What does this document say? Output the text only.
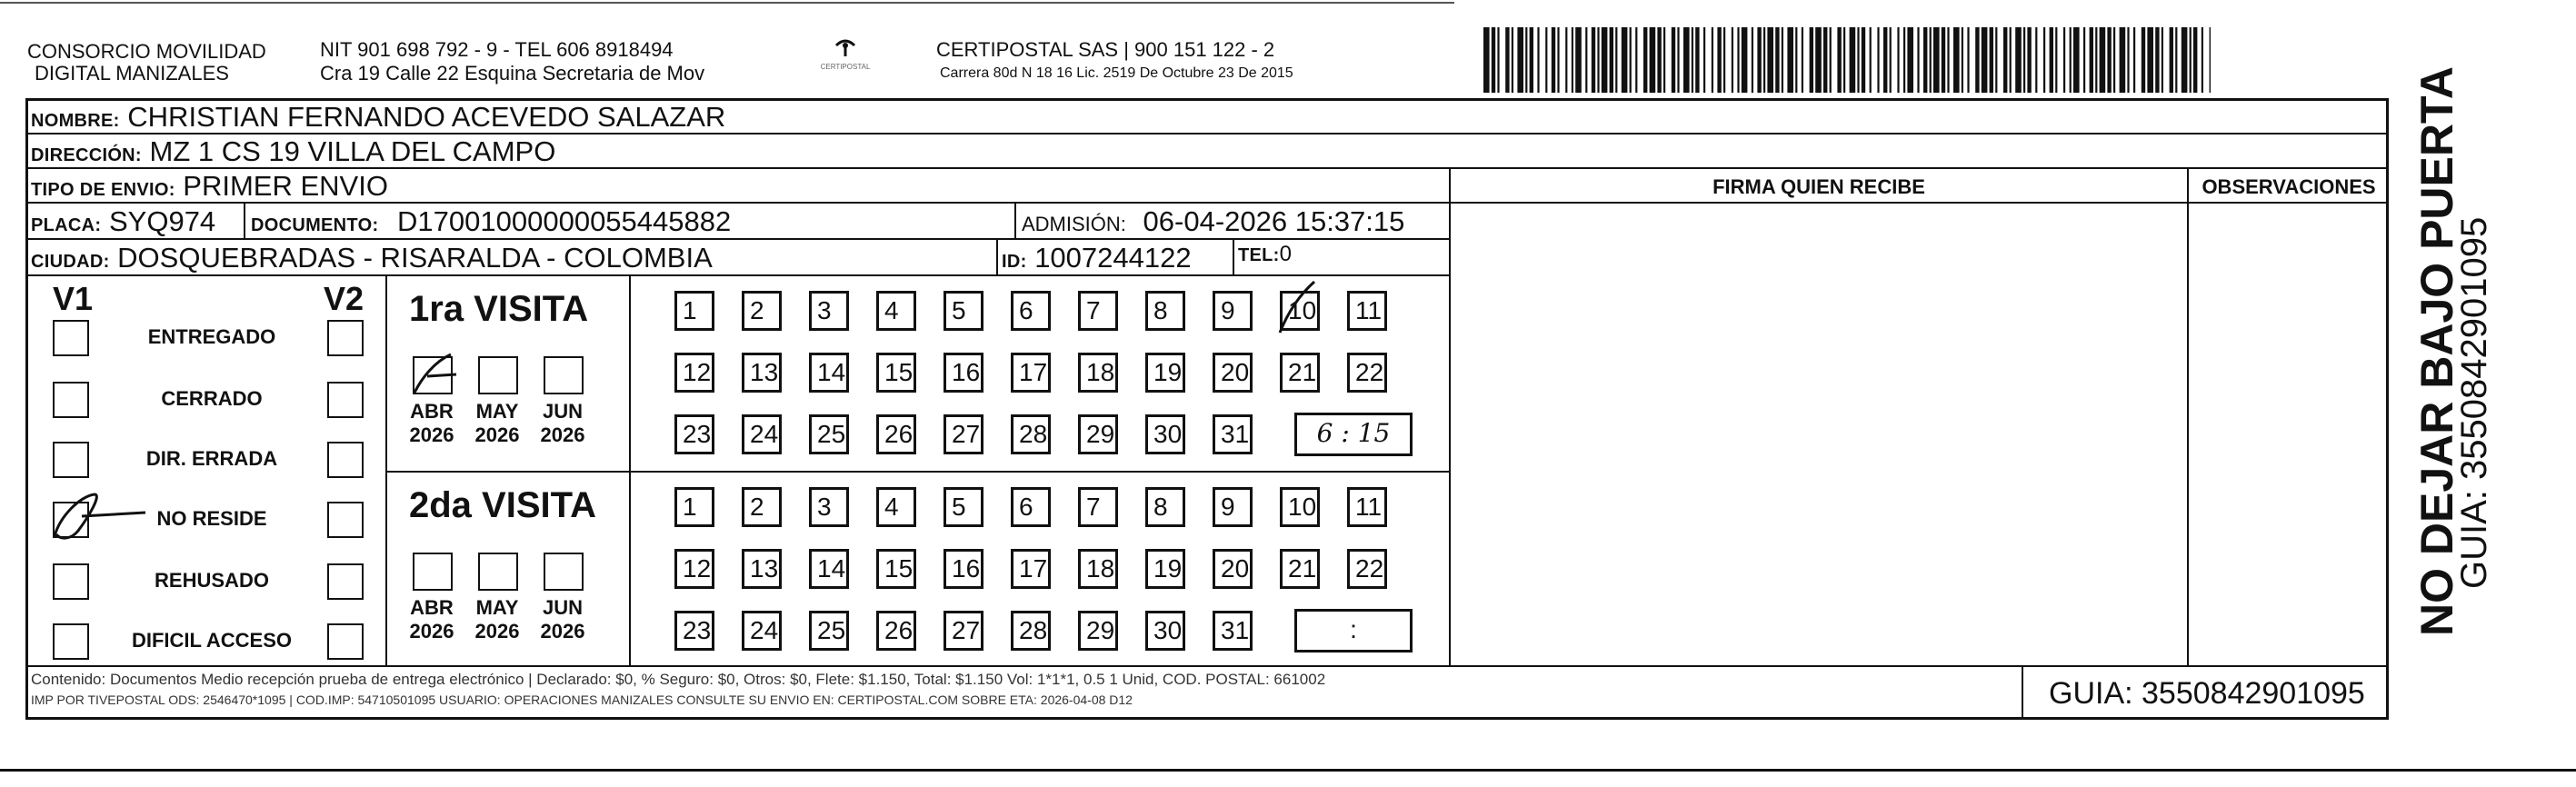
CONSORCIO MOVILIDAD
DIGITAL MANIZALES
NIT 901 698 792 - 9 - TEL 606 8918494
Cra 19 Calle 22 Esquina Secretaria de Mov	CERTIPOSTAL
CERTIPOSTAL SAS | 900 151 122 - 2
Carrera 80d N 18 16 Lic. 2519 De Octubre 23 De 2015
NOMBRE: CHRISTIAN FERNANDO ACEVEDO SALAZAR
DIRECCIÓN: MZ 1 CS 19 VILLA DEL CAMPO
TIPO DE ENVIO: PRIMER ENVIO
PLACA: SYQ974 DOCUMENTO: D17001000000055445882	ADMISIÓN: 06-04-2026 15:37:15
CIUDAD: DOSQUEBRADAS - RISARALDA - COLOMBIA	ID: 1007244122	TEL:0
FIRMA QUIEN RECIBE	OBSERVACIONES
V1	V2
ENTREGADO
CERRADO
DIR. ERRADA
NO RESIDE
REHUSADO
DIFICIL ACCESO
1ra VISITA
ABR
2026
MAY
2026
JUN
2026
1	2	3	4	5	6	7	8	9	10	11
12	13	14	15	16	17	18	19	20	21	22
23	24	25	26	27	28	29	30	31	6 : 15
2da VISITA
ABR
2026
MAY
2026
JUN
2026
1	2	3	4	5	6	7	8	9	10	11
12	13	14	15	16	17	18	19	20	21	22
23	24	25	26	27	28	29	30	31	:
Contenido: Documentos Medio recepción prueba de entrega electrónico | Declarado: $0, % Seguro: $0, Otros: $0, Flete: $1.150, Total: $1.150 Vol: 1*1*1, 0.5 1 Unid, COD. POSTAL: 661002
IMP POR TIVEPOSTAL ODS: 2546470*1095 | COD.IMP: 54710501095 USUARIO: OPERACIONES MANIZALES CONSULTE SU ENVIO EN: CERTIPOSTAL.COM SOBRE ETA: 2026-04-08 D12	GUIA: 3550842901095
NO DEJAR BAJO PUERTA
GUIA: 3550842901095
